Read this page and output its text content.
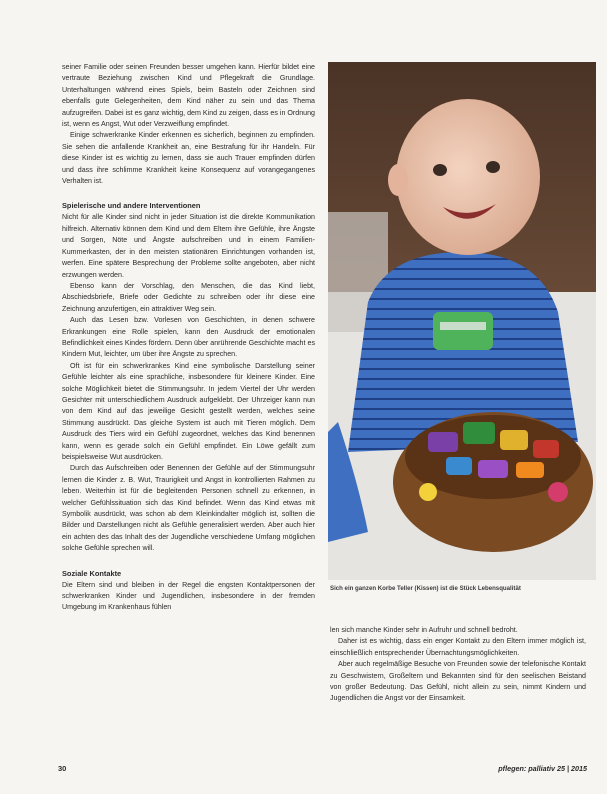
seiner Familie oder seinen Freunden besser umgehen kann. Hierfür bildet eine vertraute Beziehung zwischen Kind und Pflegekraft die Grundlage. Unterhaltungen während eines Spiels, beim Basteln oder Zeichnen sind ebenfalls gute Gelegenheiten, dem Kind näher zu sein und das Thema aufzugreifen. Dabei ist es ganz wichtig, dem Kind zu zeigen, dass es in Ordnung ist, wenn es Angst, Wut oder Verzweiflung empfindet.

Einige schwerkranke Kinder erkennen es sicherlich, beginnen zu empfinden. Sie sehen die anfallende Krankheit an, eine Bestrafung für ihr Handeln. Für diese Kinder ist es wichtig zu lernen, dass sie auch Trauer empfinden dürfen und dass ihre schlimme Krankheit keine Konsequenz auf vorangegangenes Verhalten ist.

Spielerische und andere Interventionen

Nicht für alle Kinder sind nicht in jeder Situation ist die direkte Kommunikation hilfreich. Alternativ können dem Kind und dem Eltern ihre Gefühle, ihre Ängste und Sorgen, Nöte und Ängste aufschreiben und in einem Familien-Kummerkasten, der in den meisten stationären Einrichtungen vorhanden ist, werfen. Eine spätere Besprechung der Probleme sollte angeboten, aber nicht erzwungen werden.

Ebenso kann der Vorschlag, den Menschen, die das Kind liebt, Abschiedsbriefe, Briefe oder Gedichte zu schreiben oder ihr diese eine Zeichnung anzufertigen, ein attraktiver Weg sein.

Auch das Lesen bzw. Vorlesen von Geschichten, in denen schwere Erkrankungen eine Rolle spielen, kann den Ausdruck der emotionalen Befindlichkeit eines Kindes fördern. Denn über anrührende Geschichte macht es Kindern Mut, leichter, um über ihre Ängste zu sprechen.

Oft ist für ein schwerkrankes Kind eine symbolische Darstellung seiner Gefühle leichter als eine sprachliche, insbesondere für kleinere Kinder. Eine solche Möglichkeit bietet die Stimmungsuhr. In jedem Viertel der Uhr werden Gesichter mit unterschiedlichem Ausdruck aufgeklebt. Der Uhrzeiger kann nun von dem Kind auf das jeweilige Gesicht gestellt werden, welches seine Stimmung ausdrückt. Das gleiche System ist auch mit Tieren möglich. Dem Ausdruck des Tiers wird ein Gefühl zugeordnet, welches das Kind benennen kann, wenn es gerade solch ein Gefühl empfindet. Ein Löwe gefällt zum beispielsweise Wut ausdrücken.

Durch das Aufschreiben oder Benennen der Gefühle auf der Stimmungsuhr lernen die Kinder z. B. Wut, Traurigkeit und Angst in kontrollierten Rahmen zu leben. Weiterhin ist für die begleitenden Personen schnell zu erkennen, in welcher Gefühlssituation sich das Kind befindet. Wenn das Kind etwas mit Symbolik ausdrückt, was schon ab dem Kleinkindalter möglich ist, sollten die Bilder und Darstellungen nicht als Gefühle generalisiert werden. Aber auch hier ein achten des das Inhalt des der Jugendliche verschiedene Umfang möglichen solche Gefühle sprechen will.

Soziale Kontakte

Die Eltern sind und bleiben in der Regel die engsten Kontaktpersonen der schwerkranken Kinder und Jugendlichen, insbesondere in der fremden Umgebung im Krankenhaus fühlen

Sich ein ganzen Korbe Teller (Kissen) ist die Stück Lebensqualität

len sich manche Kinder sehr in Aufruhr und schnell bedroht.

Daher ist es wichtig, dass ein enger Kontakt zu den Eltern immer möglich ist, einschließlich entsprechender Übernachtungsmöglichkeiten.

Aber auch regelmäßige Besuche von Freunden sowie der telefonische Kontakt zu Geschwistern, Großeltern und Bekannten sind für den seelischen Beistand von großer Bedeutung. Das Gefühl, nicht allein zu sein, nimmt Kindern und Jugendlichen die Angst vor der Einsamkeit.

30	pflegen: palliativ 25 | 2015
